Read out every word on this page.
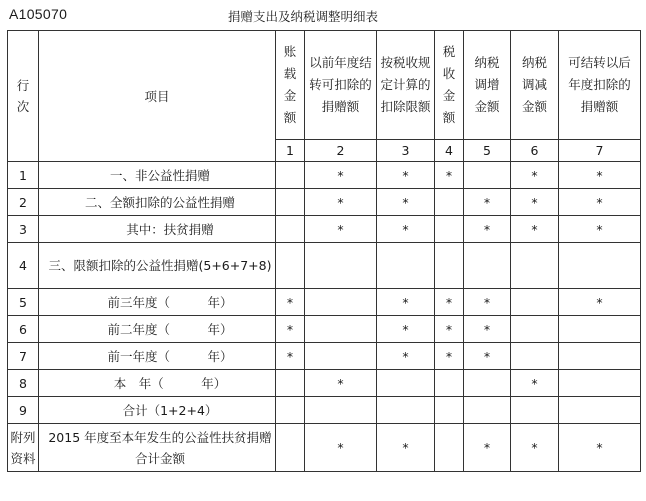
A105070	捐赠支出及纳税调整明细表
行次	项目	账载金额	以前年度结转可扣除的捐赠额	按税收规定计算的扣除限额	税收金额	纳税调增金额	纳税调减金额	可结转以后年度扣除的捐赠额
		1	2	3	4	5	6	7
1	一、非公益性捐赠		*	*	*		*	*
2	二、全额扣除的公益性捐赠		*	*		*	*	*
3	其中：扶贫捐赠		*	*		*	*	*
4	三、限额扣除的公益性捐赠(5+6+7+8)							
5	前三年度（　　　年）	*		*	*	*		*
6	前二年度（　　　年）	*		*	*	*		
7	前一年度（　　　年）	*		*	*	*		
8	本　年（　　　年）		*				*	
9	合计（1+2+4）							
附列资料	2015 年度至本年发生的公益性扶贫捐赠合计金额		*	*		*	*	*
